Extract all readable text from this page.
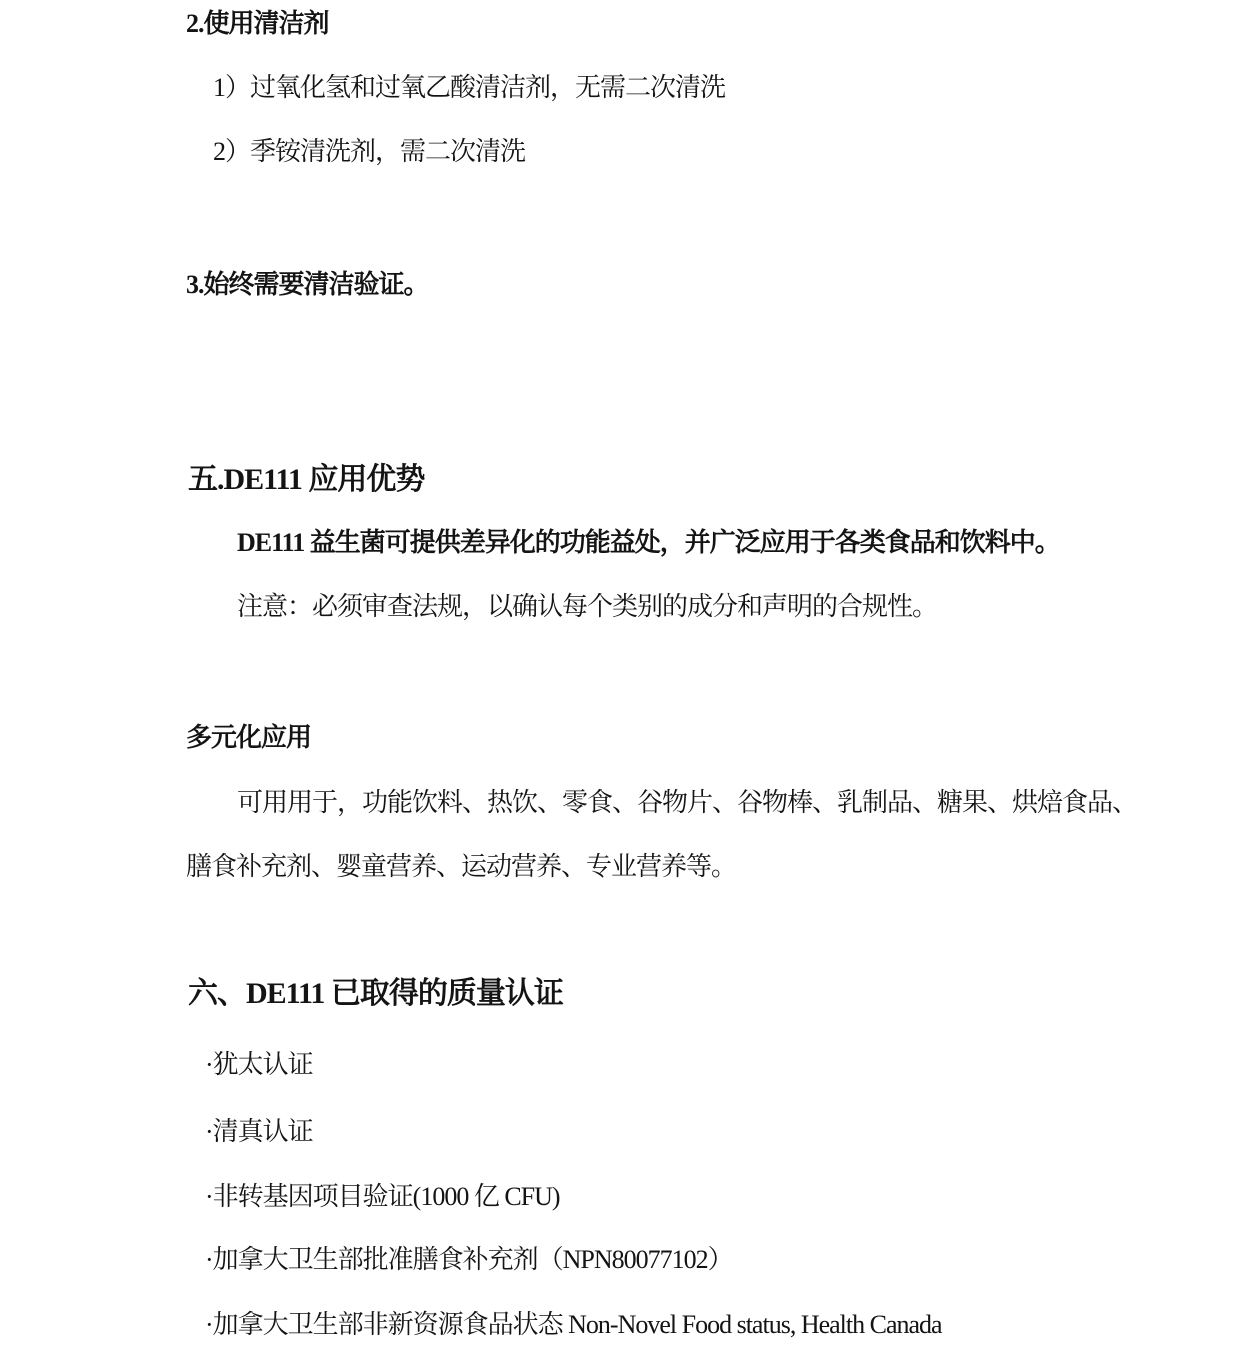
2.使用清洁剂
1）过氧化氢和过氧乙酸清洁剂，无需二次清洗
2）季铵清洗剂，需二次清洗
3.始终需要清洁验证。
五.DE111 应用优势
DE111 益生菌可提供差异化的功能益处，并广泛应用于各类食品和饮料中。
注意：必须审查法规，以确认每个类别的成分和声明的合规性。
多元化应用
可用用于，功能饮料、热饮、零食、谷物片、谷物棒、乳制品、糖果、烘焙食品、
膳食补充剂、婴童营养、运动营养、专业营养等。
六、DE111 已取得的质量认证
·犹太认证
·清真认证
·非转基因项目验证(1000 亿 CFU)
·加拿大卫生部批准膳食补充剂（NPN80077102）
·加拿大卫生部非新资源食品状态 Non-Novel Food status, Health Canada
